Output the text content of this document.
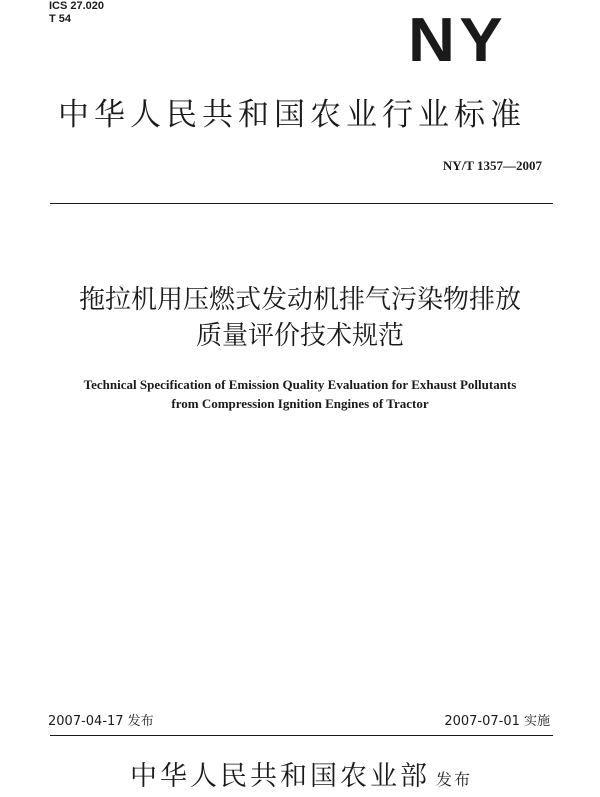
ICS 27.020
T 54	NY
中华人民共和国农业行业标准
NY/T 1357—2007
拖拉机用压燃式发动机排气污染物排放
质量评价技术规范
Technical Specification of Emission Quality Evaluation for Exhaust Pollutants
from Compression Ignition Engines of Tractor
2007-04-17 发布	2007-07-01 实施
中华人民共和国农业部 发布
